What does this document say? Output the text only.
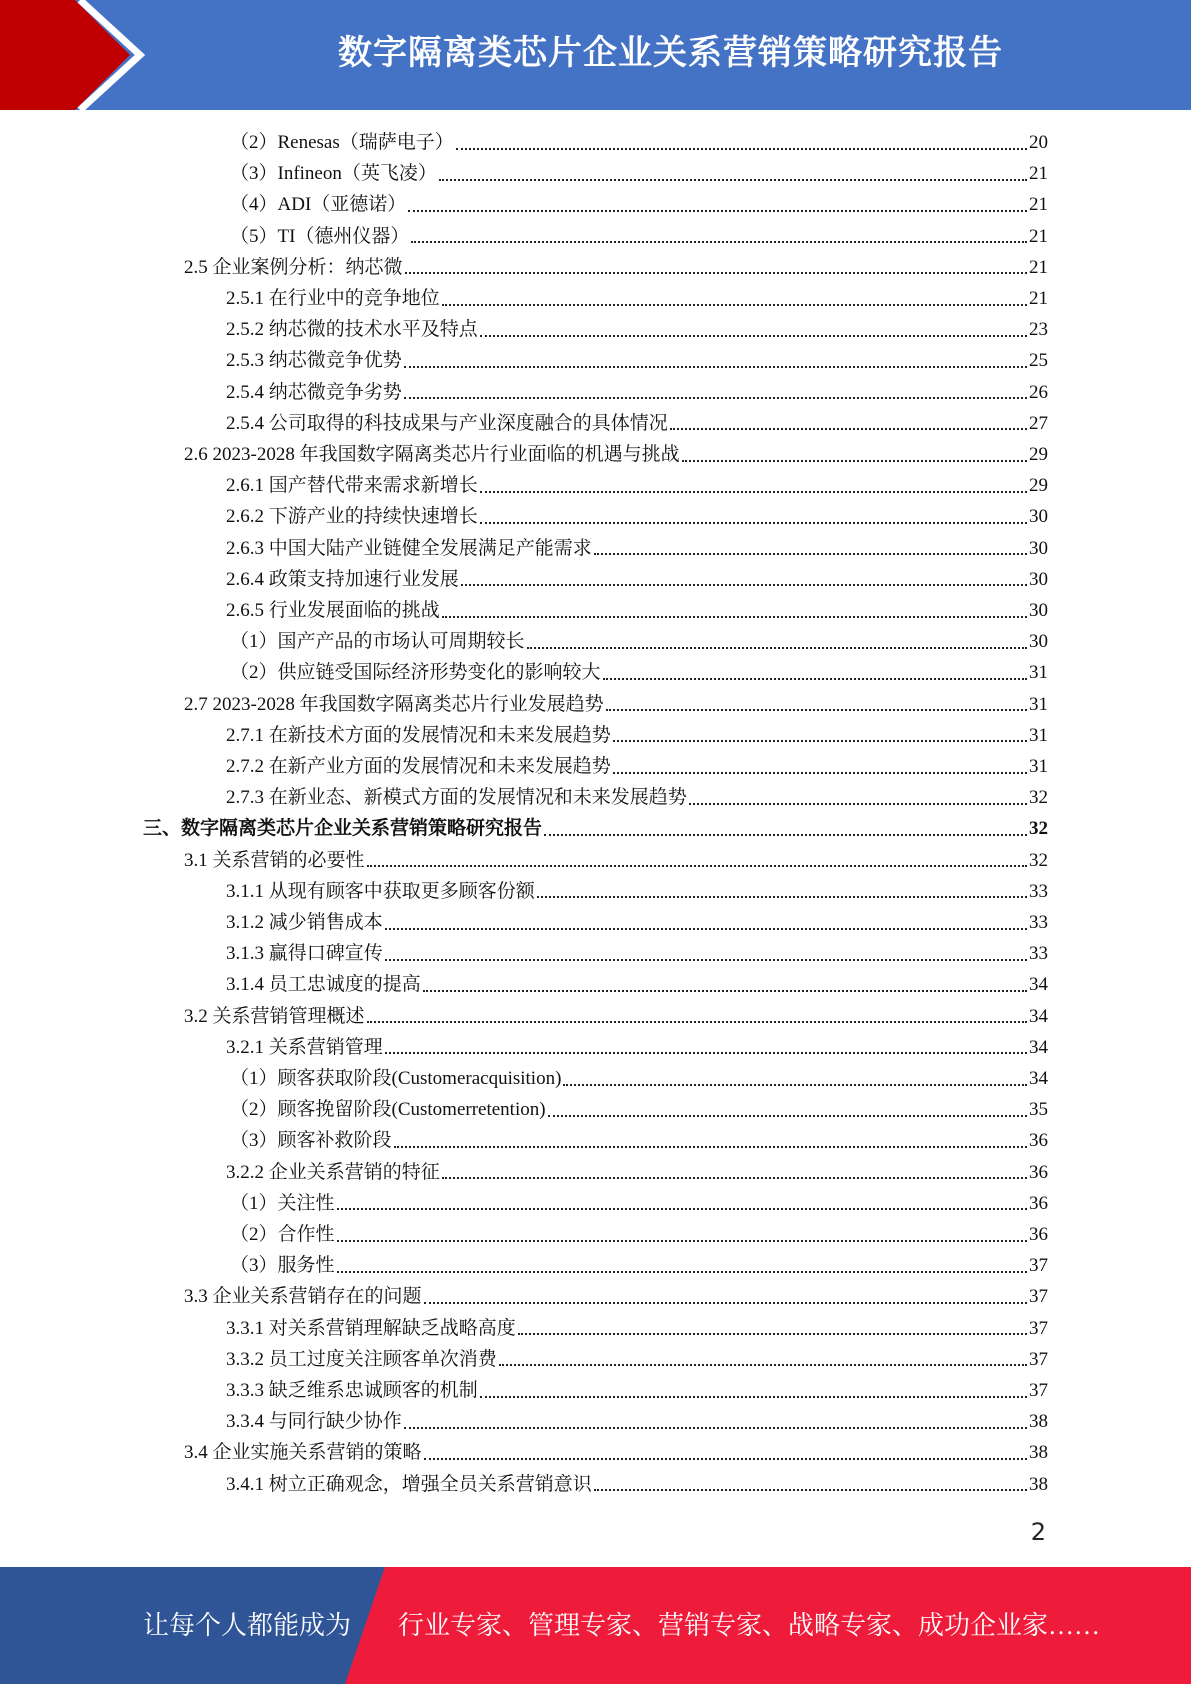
数字隔离类芯片企业关系营销策略研究报告
（2）Renesas（瑞萨电子）	20
（3）Infineon（英飞凌）	21
（4）ADI（亚德诺）	21
（5）TI（德州仪器）	21
2.5 企业案例分析：纳芯微	21
2.5.1 在行业中的竞争地位	21
2.5.2 纳芯微的技术水平及特点	23
2.5.3 纳芯微竞争优势	25
2.5.4 纳芯微竞争劣势	26
2.5.4 公司取得的科技成果与产业深度融合的具体情况	27
2.6 2023-2028 年我国数字隔离类芯片行业面临的机遇与挑战	29
2.6.1 国产替代带来需求新增长	29
2.6.2 下游产业的持续快速增长	30
2.6.3 中国大陆产业链健全发展满足产能需求	30
2.6.4 政策支持加速行业发展	30
2.6.5 行业发展面临的挑战	30
（1）国产产品的市场认可周期较长	30
（2）供应链受国际经济形势变化的影响较大	31
2.7 2023-2028 年我国数字隔离类芯片行业发展趋势	31
2.7.1 在新技术方面的发展情况和未来发展趋势	31
2.7.2 在新产业方面的发展情况和未来发展趋势	31
2.7.3 在新业态、新模式方面的发展情况和未来发展趋势	32
三、数字隔离类芯片企业关系营销策略研究报告	32
3.1 关系营销的必要性	32
3.1.1 从现有顾客中获取更多顾客份额	33
3.1.2 减少销售成本	33
3.1.3 赢得口碑宣传	33
3.1.4 员工忠诚度的提高	34
3.2 关系营销管理概述	34
3.2.1 关系营销管理	34
（1）顾客获取阶段(Customeracquisition)	34
（2）顾客挽留阶段(Customerretention)	35
（3）顾客补救阶段	36
3.2.2 企业关系营销的特征	36
（1）关注性	36
（2）合作性	36
（3）服务性	37
3.3 企业关系营销存在的问题	37
3.3.1 对关系营销理解缺乏战略高度	37
3.3.2 员工过度关注顾客单次消费	37
3.3.3 缺乏维系忠诚顾客的机制	37
3.3.4 与同行缺少协作	38
3.4 企业实施关系营销的策略	38
3.4.1 树立正确观念，增强全员关系营销意识	38
2
让每个人都能成为 行业专家、管理专家、营销专家、战略专家、成功企业家……
